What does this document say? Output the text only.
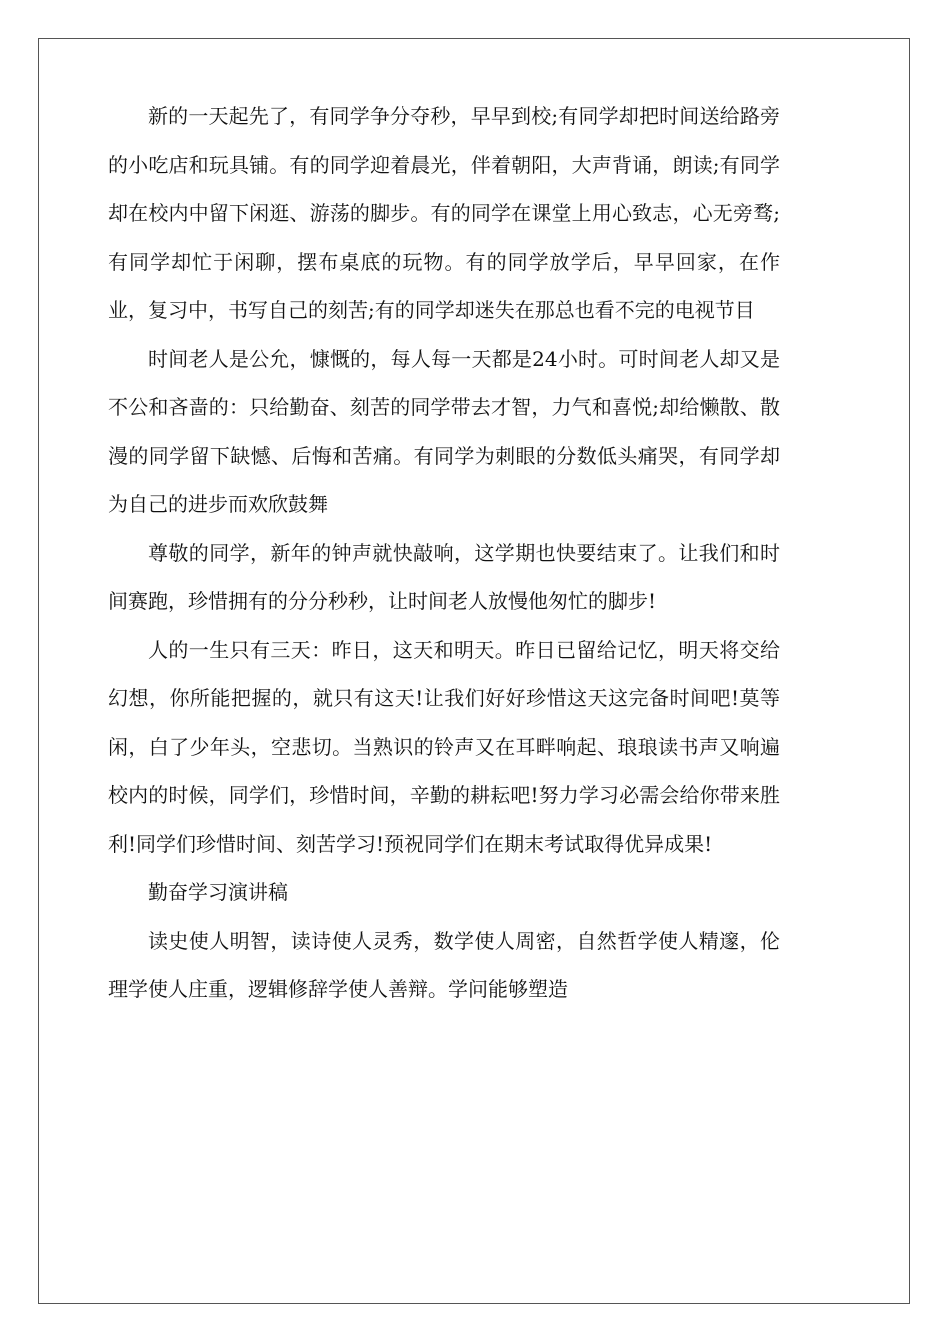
新的一天起先了，有同学争分夺秒，早早到校;有同学却把时间送给路旁的小吃店和玩具铺。有的同学迎着晨光，伴着朝阳，大声背诵，朗读;有同学却在校内中留下闲逛、游荡的脚步。有的同学在课堂上用心致志，心无旁骛;有同学却忙于闲聊，摆布桌底的玩物。有的同学放学后，早早回家，在作业，复习中，书写自己的刻苦;有的同学却迷失在那总也看不完的电视节目

时间老人是公允，慷慨的，每人每一天都是24小时。可时间老人却又是不公和吝啬的：只给勤奋、刻苦的同学带去才智，力气和喜悦;却给懒散、散漫的同学留下缺憾、后悔和苦痛。有同学为刺眼的分数低头痛哭，有同学却为自己的进步而欢欣鼓舞

尊敬的同学，新年的钟声就快敲响，这学期也快要结束了。让我们和时间赛跑，珍惜拥有的分分秒秒，让时间老人放慢他匆忙的脚步!

人的一生只有三天：昨日，这天和明天。昨日已留给记忆，明天将交给幻想，你所能把握的，就只有这天!让我们好好珍惜这天这完备时间吧!莫等闲，白了少年头，空悲切。当熟识的铃声又在耳畔响起、琅琅读书声又响遍校内的时候，同学们，珍惜时间，辛勤的耕耘吧!努力学习必需会给你带来胜利!同学们珍惜时间、刻苦学习!预祝同学们在期末考试取得优异成果!

勤奋学习演讲稿

读史使人明智，读诗使人灵秀，数学使人周密，自然哲学使人精邃，伦理学使人庄重，逻辑修辞学使人善辩。学问能够塑造
